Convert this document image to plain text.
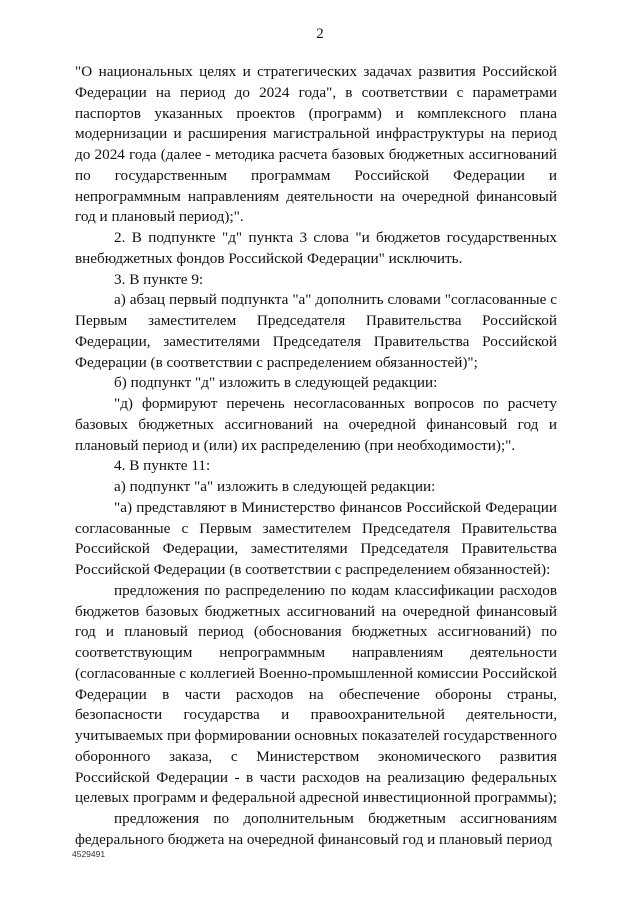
2

"О национальных целях и стратегических задачах развития Российской Федерации на период до 2024 года", в соответствии с параметрами паспортов указанных проектов (программ) и комплексного плана модернизации и расширения магистральной инфраструктуры на период до 2024 года (далее - методика расчета базовых бюджетных ассигнований по государственным программам Российской Федерации и непрограммным направлениям деятельности на очередной финансовый год и плановый период);".

2. В подпункте "д" пункта 3 слова "и бюджетов государственных внебюджетных фондов Российской Федерации" исключить.

3. В пункте 9:

а) абзац первый подпункта "а" дополнить словами "согласованные с Первым заместителем Председателя Правительства Российской Федерации, заместителями Председателя Правительства Российской Федерации (в соответствии с распределением обязанностей)";

б) подпункт "д" изложить в следующей редакции:

"д) формируют перечень несогласованных вопросов по расчету базовых бюджетных ассигнований на очередной финансовый год и плановый период и (или) их распределению (при необходимости);".

4. В пункте 11:

а) подпункт "а" изложить в следующей редакции:

"а) представляют в Министерство финансов Российской Федерации согласованные с Первым заместителем Председателя Правительства Российской Федерации, заместителями Председателя Правительства Российской Федерации (в соответствии с распределением обязанностей):

предложения по распределению по кодам классификации расходов бюджетов базовых бюджетных ассигнований на очередной финансовый год и плановый период (обоснования бюджетных ассигнований) по соответствующим непрограммным направлениям деятельности (согласованные с коллегией Военно-промышленной комиссии Российской Федерации в части расходов на обеспечение обороны страны, безопасности государства и правоохранительной деятельности, учитываемых при формировании основных показателей государственного оборонного заказа, с Министерством экономического развития Российской Федерации - в части расходов на реализацию федеральных целевых программ и федеральной адресной инвестиционной программы);

предложения по дополнительным бюджетным ассигнованиям федерального бюджета на очередной финансовый год и плановый период

4529491
